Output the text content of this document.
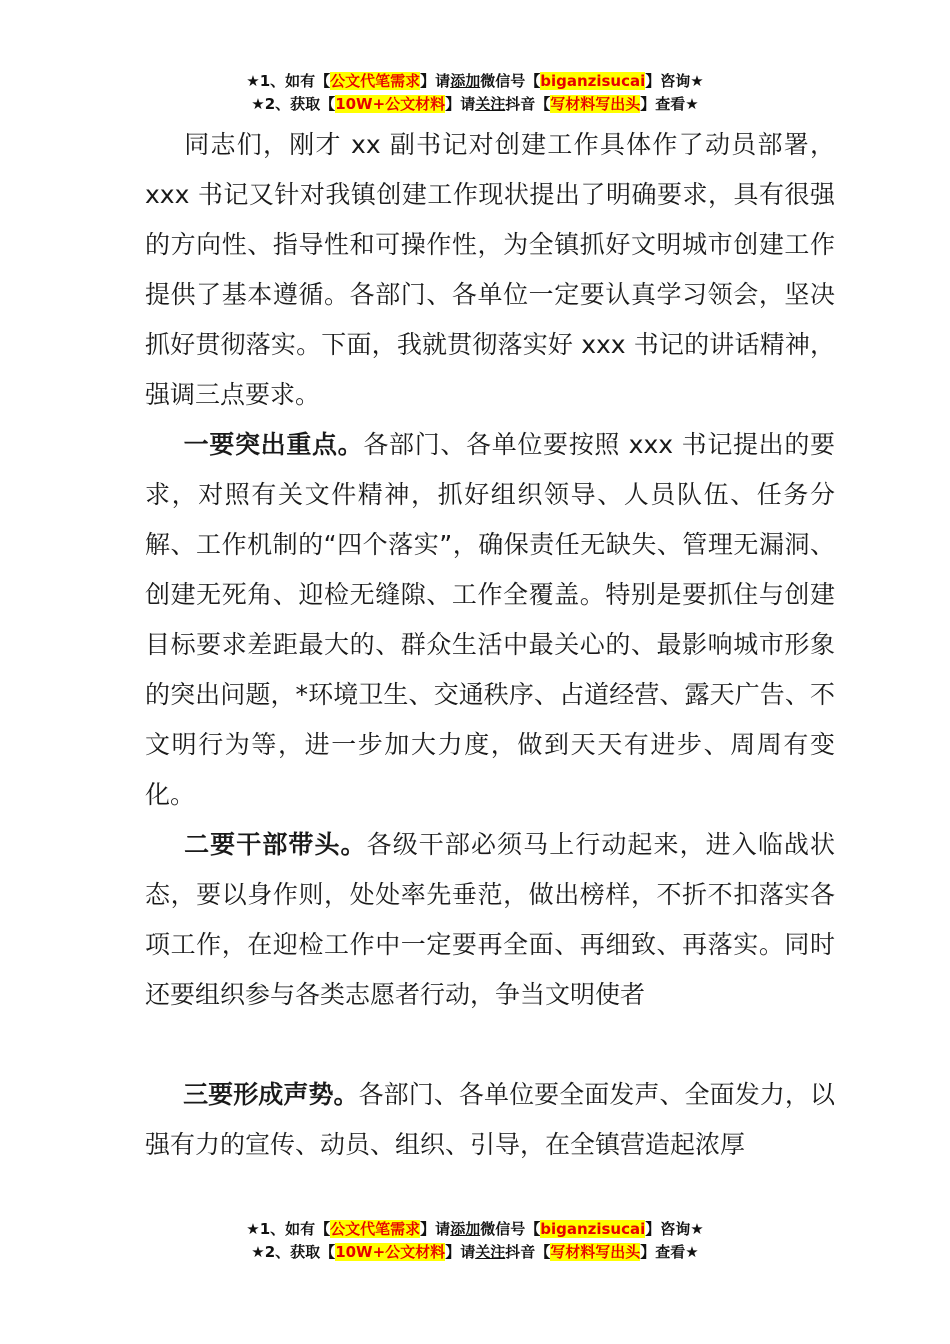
★1、如有【公文代笔需求】请添加微信号【biganzisucai】咨询★
★2、获取【10W+公文材料】请关注抖音【写材料写出头】查看★

同志们，刚才 xx 副书记对创建工作具体作了动员部署，xxx 书记又针对我镇创建工作现状提出了明确要求，具有很强的方向性、指导性和可操作性，为全镇抓好文明城市创建工作提供了基本遵循。各部门、各单位一定要认真学习领会，坚决抓好贯彻落实。下面，我就贯彻落实好 xxx 书记的讲话精神，强调三点要求。

一要突出重点。各部门、各单位要按照 xxx 书记提出的要求，对照有关文件精神，抓好组织领导、人员队伍、任务分解、工作机制的“四个落实”，确保责任无缺失、管理无漏洞、创建无死角、迎检无缝隙、工作全覆盖。特别是要抓住与创建目标要求差距最大的、群众生活中最关心的、最影响城市形象的突出问题，*环境卫生、交通秩序、占道经营、露天广告、不文明行为等，进一步加大力度，做到天天有进步、周周有变化。

二要干部带头。各级干部必须马上行动起来，进入临战状态，要以身作则，处处率先垂范，做出榜样，不折不扣落实各项工作，在迎检工作中一定要再全面、再细致、再落实。同时还要组织参与各类志愿者行动，争当文明使者

三要形成声势。各部门、各单位要全面发声、全面发力，以强有力的宣传、动员、组织、引导，在全镇营造起浓厚

★1、如有【公文代笔需求】请添加微信号【biganzisucai】咨询★
★2、获取【10W+公文材料】请关注抖音【写材料写出头】查看★
